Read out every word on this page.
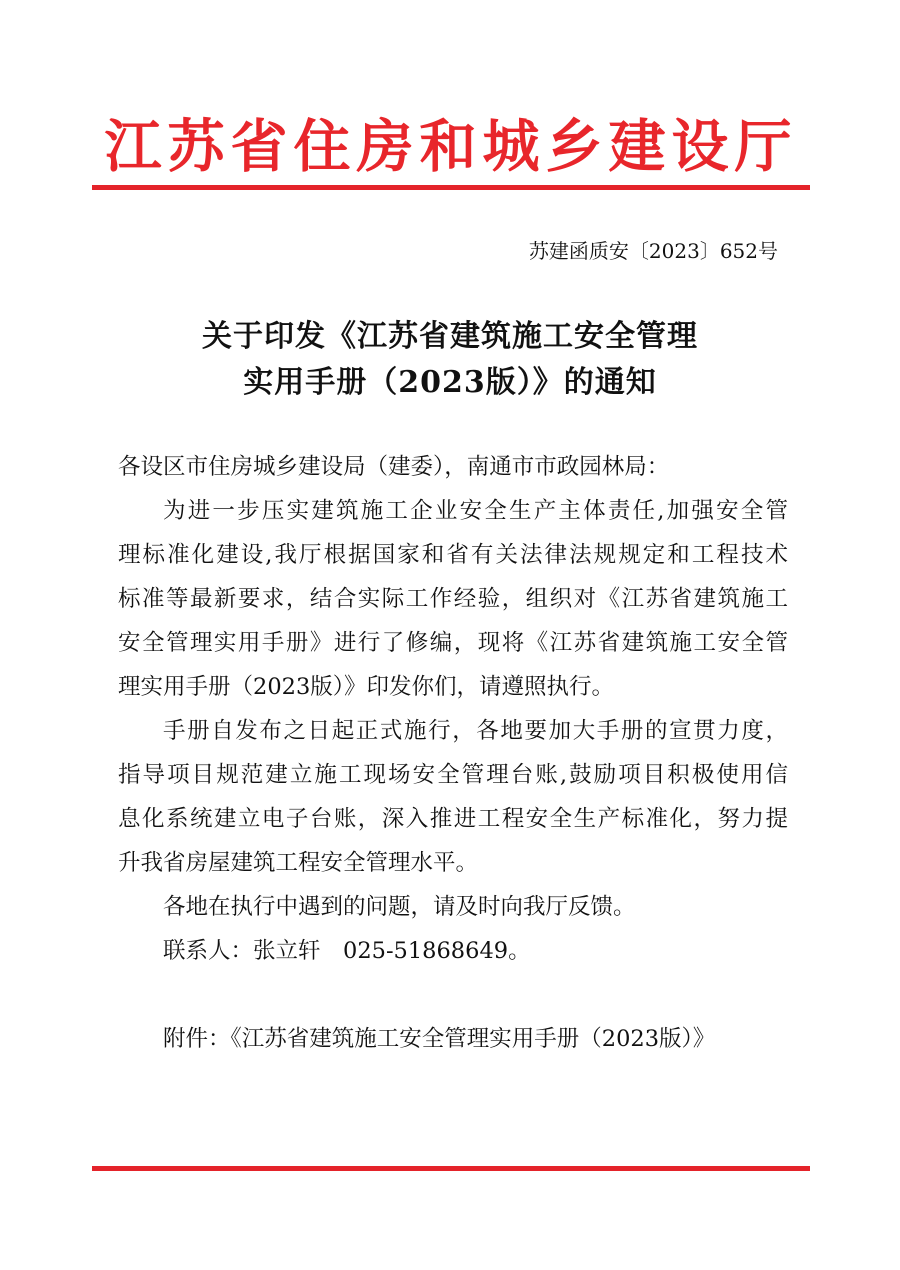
江苏省住房和城乡建设厅
苏建函质安〔2023〕652号
关于印发《江苏省建筑施工安全管理
实用手册（2023版）》的通知
各设区市住房城乡建设局（建委），南通市市政园林局：
为进一步压实建筑施工企业安全生产主体责任,加强安全管
理标准化建设,我厅根据国家和省有关法律法规规定和工程技术
标准等最新要求，结合实际工作经验，组织对《江苏省建筑施工
安全管理实用手册》进行了修编，现将《江苏省建筑施工安全管
理实用手册（2023版）》印发你们，请遵照执行。
手册自发布之日起正式施行，各地要加大手册的宣贯力度，
指导项目规范建立施工现场安全管理台账,鼓励项目积极使用信
息化系统建立电子台账，深入推进工程安全生产标准化，努力提
升我省房屋建筑工程安全管理水平。
各地在执行中遇到的问题，请及时向我厅反馈。
联系人：张立轩　025-51868649。
附件：《江苏省建筑施工安全管理实用手册（2023版）》
